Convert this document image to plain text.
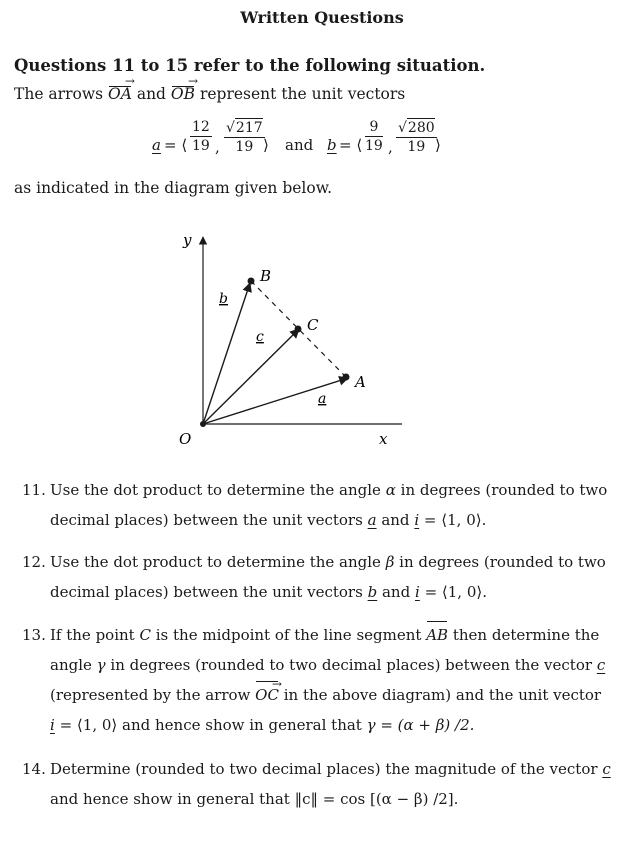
Written Questions
Questions 11 to 15 refer to the following situation.
The arrows OA → and OB → represent the unit vectors
a = ⟨ $\frac{12}{19}$ , $\frac{√217}{19}$
⟩ and b = ⟨ $\frac{9}{19}$ , $\frac{√280}{19}$
⟩
as indicated in the diagram given below.
y
x
O
B
C
A
b
c
a
11. Use the dot product to determine the angle α in degrees (rounded to two
decimal places) between the unit vectors a and i = ⟨1, 0⟩.
12. Use the dot product to determine the angle β in degrees (rounded to two
decimal places) between the unit vectors b and i = ⟨1, 0⟩.
13. If the point C is the midpoint of the line segment AB then determine the
angle γ in degrees (rounded to two decimal places) between the vector c
(represented by the arrow OC → in the above diagram) and the unit vector
i = ⟨1, 0⟩ and hence show in general that γ = (α + β) /2.
14. Determine (rounded to two decimal places) the magnitude of the vector c
and hence show in general that ‖c‖ = cos [(α − β) /2].
